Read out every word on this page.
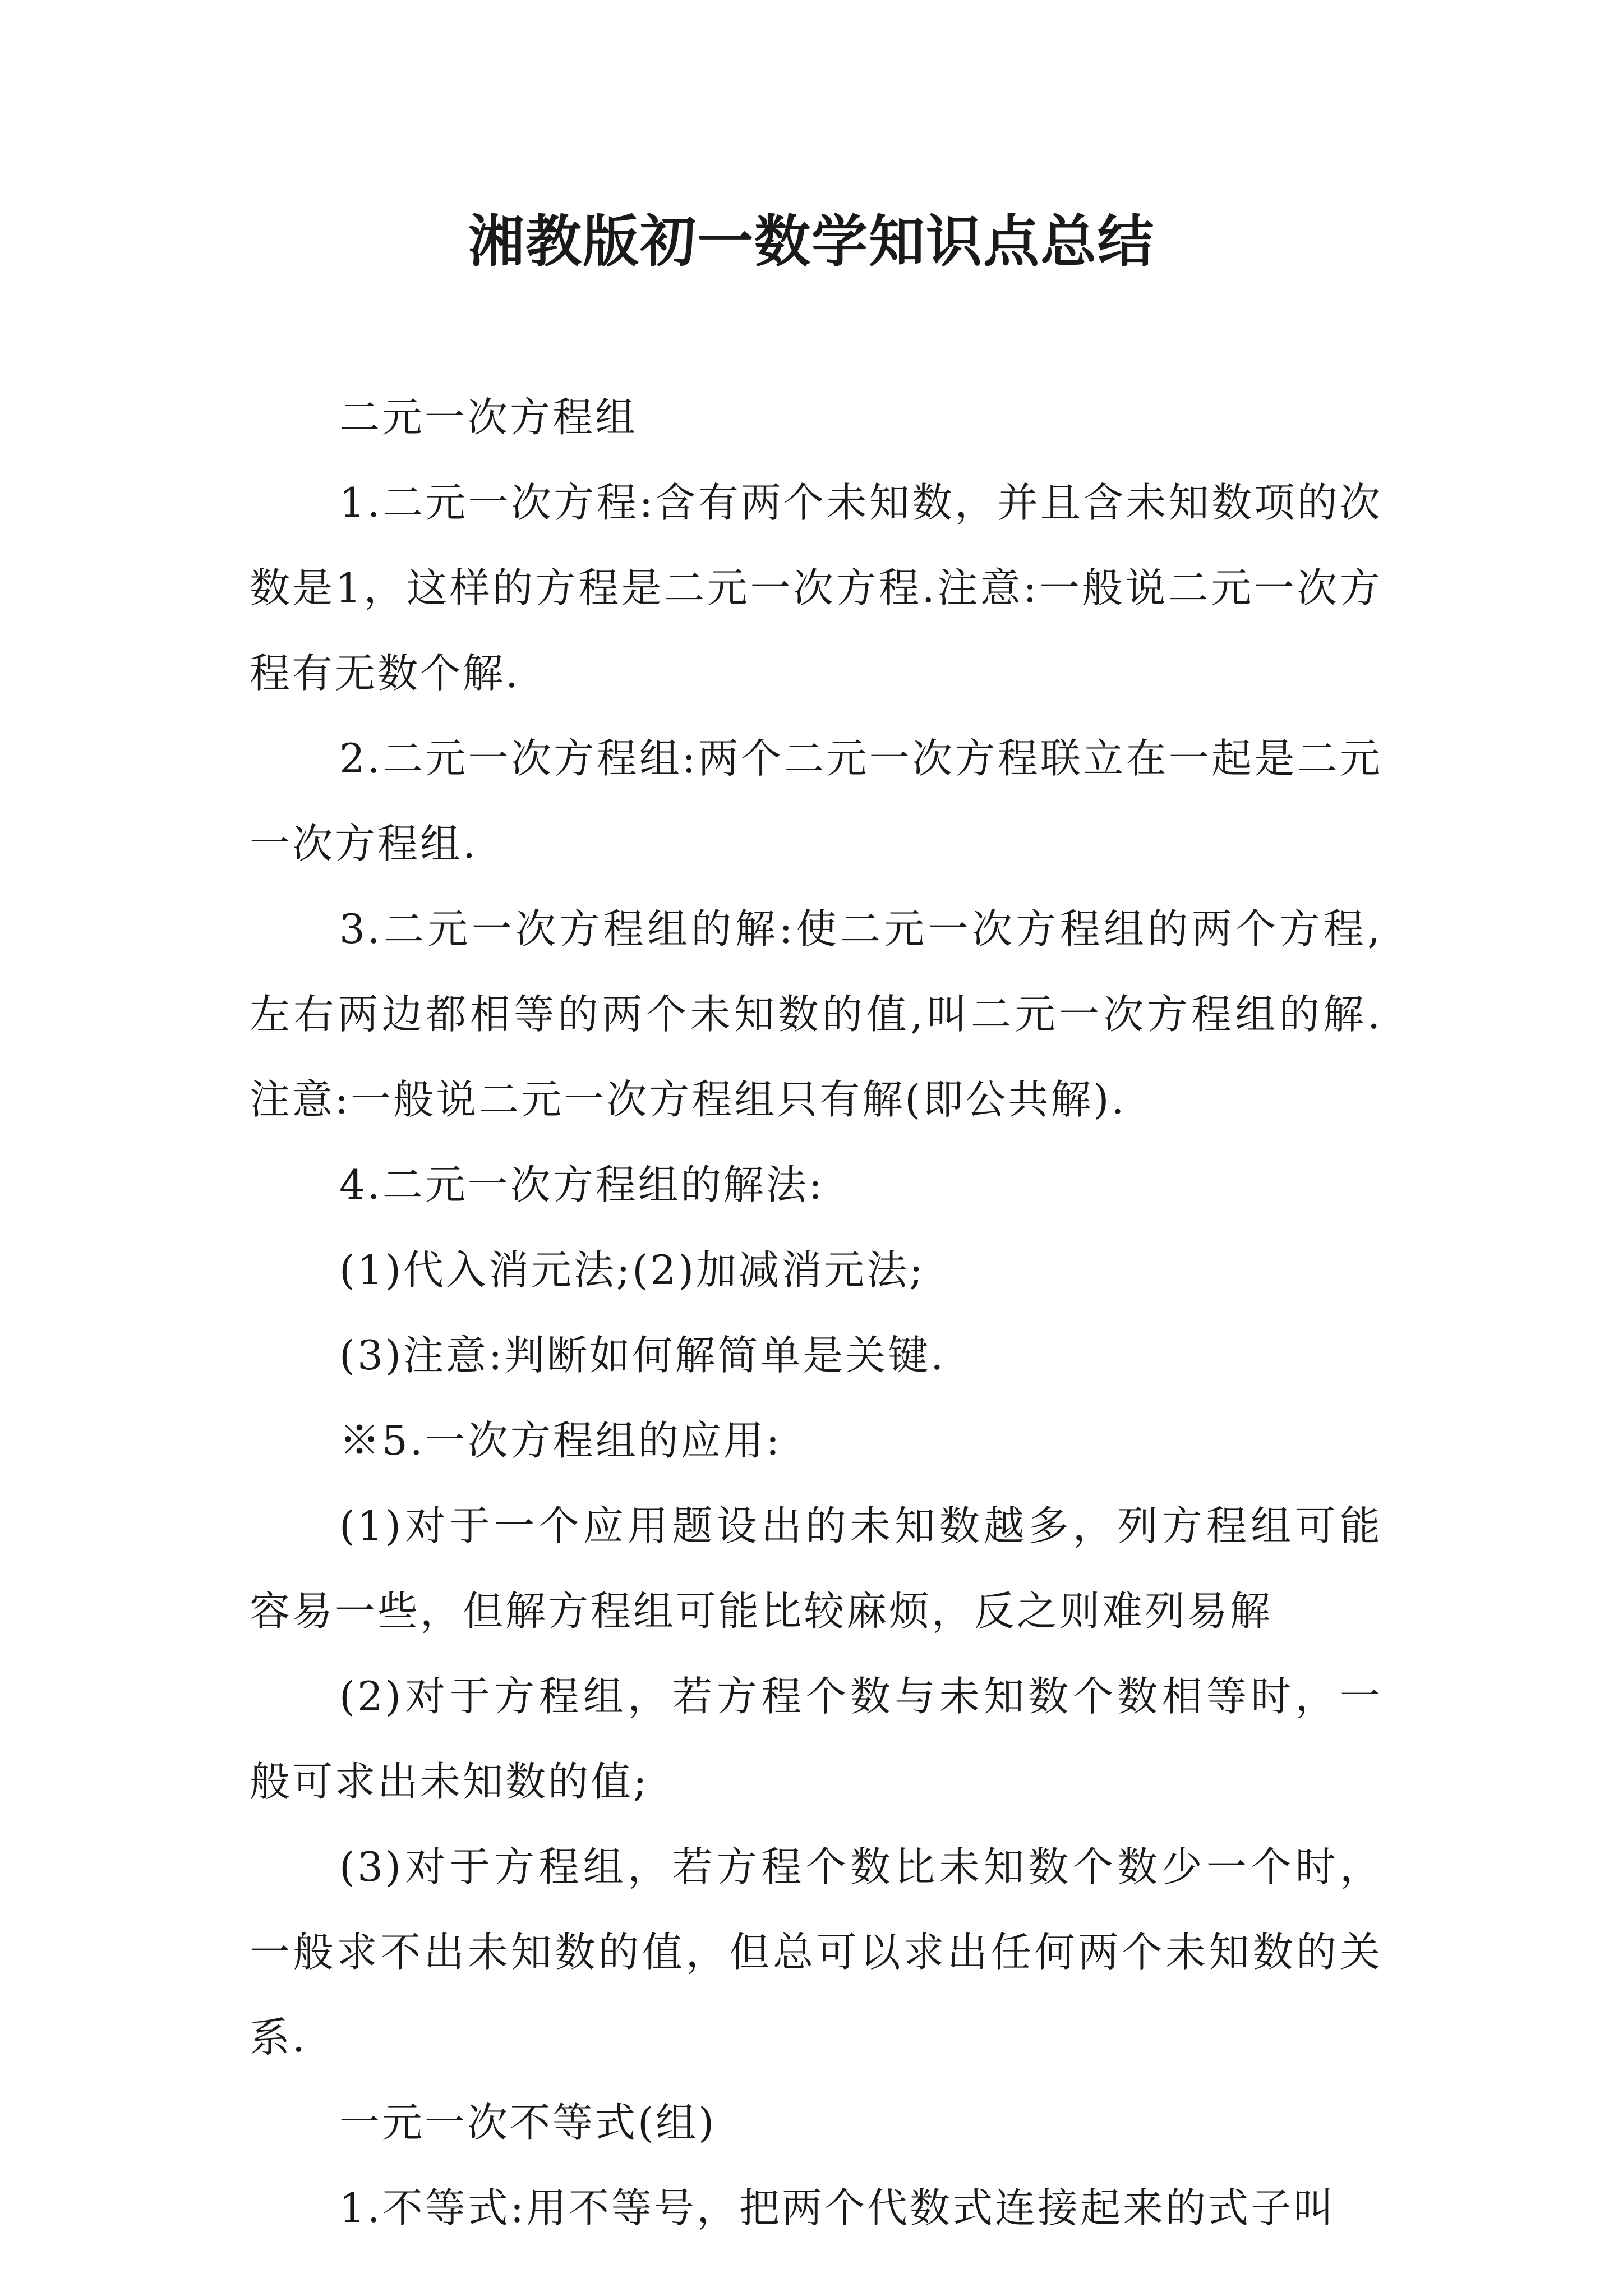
湘教版初一数学知识点总结

二元一次方程组

1.二元一次方程:含有两个未知数，并且含未知数项的次数是1，这样的方程是二元一次方程.注意:一般说二元一次方程有无数个解.

2.二元一次方程组:两个二元一次方程联立在一起是二元一次方程组.

3.二元一次方程组的解:使二元一次方程组的两个方程,左右两边都相等的两个未知数的值,叫二元一次方程组的解.注意:一般说二元一次方程组只有解(即公共解).

4.二元一次方程组的解法:

(1)代入消元法;(2)加减消元法;

(3)注意:判断如何解简单是关键.

※5.一次方程组的应用:

(1)对于一个应用题设出的未知数越多，列方程组可能容易一些，但解方程组可能比较麻烦，反之则难列易解

(2)对于方程组，若方程个数与未知数个数相等时，一般可求出未知数的值;

(3)对于方程组，若方程个数比未知数个数少一个时，一般求不出未知数的值，但总可以求出任何两个未知数的关系.

一元一次不等式(组)

1.不等式:用不等号，把两个代数式连接起来的式子叫
